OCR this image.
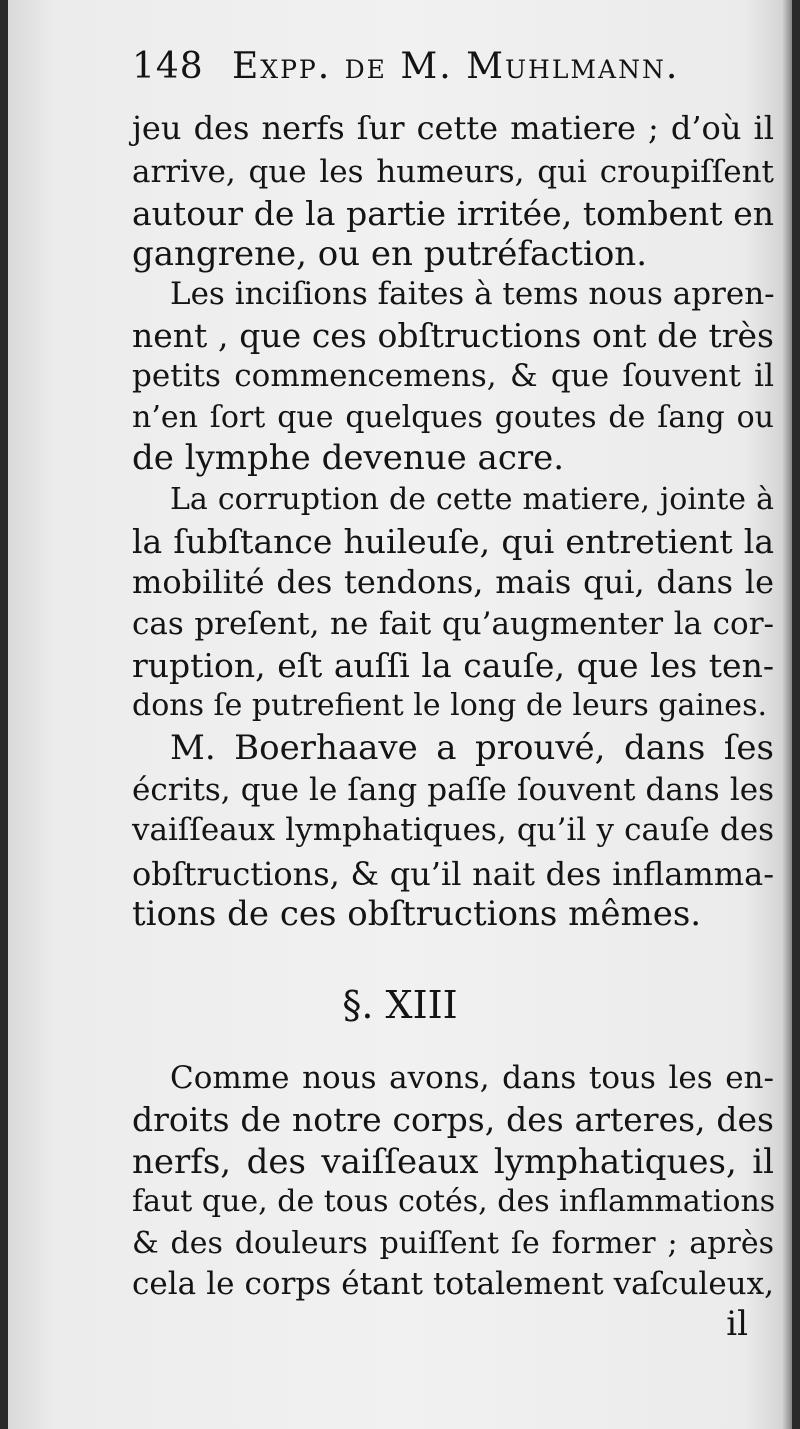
148 Expp. de M. Muhlmann.
jeu des nerfs ſur cette matiere ; d’où il
arrive, que les humeurs, qui croupiſſent
autour de la partie irritée, tombent en
gangrene, ou en putréfaction.
Les inciſions faites à tems nous apren-
nent , que ces obſtructions ont de très
petits commencemens, & que ſouvent il
n’en ſort que quelques goutes de ſang ou
de lymphe devenue acre.
La corruption de cette matiere, jointe à
la ſubſtance huileuſe, qui entretient la
mobilité des tendons, mais qui, dans le
cas preſent, ne fait qu’augmenter la cor-
ruption, eſt auſſi la cauſe, que les ten-
dons ſe putrefient le long de leurs gaines.
M. Boerhaave a prouvé, dans ſes
écrits, que le ſang paſſe ſouvent dans les
vaiſſeaux lymphatiques, qu’il y cauſe des
obſtructions, & qu’il nait des inflamma-
tions de ces obſtructions mêmes.
§. XIII
Comme nous avons, dans tous les en-
droits de notre corps, des arteres, des
nerfs, des vaiſſeaux lymphatiques, il
faut que, de tous cotés, des inflammations
& des douleurs puiſſent ſe former ; après
cela le corps étant totalement vaſculeux,
il
